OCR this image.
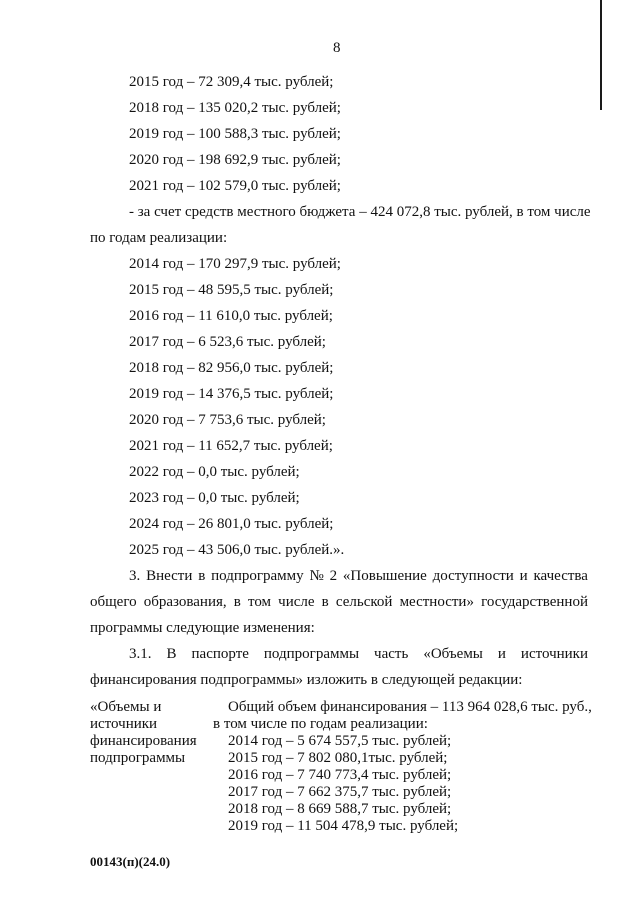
8
2015 год – 72 309,4 тыс. рублей;
2018 год – 135 020,2 тыс. рублей;
2019 год – 100 588,3 тыс. рублей;
2020 год – 198 692,9 тыс. рублей;
2021 год – 102 579,0 тыс. рублей;
- за счет средств местного бюджета – 424 072,8 тыс. рублей, в том числе
по годам реализации:
2014 год – 170 297,9 тыс. рублей;
2015 год – 48 595,5 тыс. рублей;
2016 год – 11 610,0 тыс. рублей;
2017 год – 6 523,6 тыс. рублей;
2018 год – 82 956,0 тыс. рублей;
2019 год – 14 376,5 тыс. рублей;
2020 год – 7 753,6 тыс. рублей;
2021 год – 11 652,7 тыс. рублей;
2022 год – 0,0 тыс. рублей;
2023 год – 0,0 тыс. рублей;
2024 год – 26 801,0 тыс. рублей;
2025 год – 43 506,0 тыс. рублей.».
3. Внести в подпрограмму № 2 «Повышение доступности и качества
общего образования, в том числе в сельской местности» государственной
программы следующие изменения:
3.1. В паспорте подпрограммы часть «Объемы и источники
финансирования подпрограммы» изложить в следующей редакции:
«Объемы и
источники
финансирования
подпрограммы
Общий объем финансирования – 113 964 028,6 тыс. руб.,
в том числе по годам реализации:
2014 год – 5 674 557,5 тыс. рублей;
2015 год – 7 802 080,1тыс. рублей;
2016 год – 7 740 773,4 тыс. рублей;
2017 год – 7 662 375,7 тыс. рублей;
2018 год – 8 669 588,7 тыс. рублей;
2019 год – 11 504 478,9 тыс. рублей;
00143(п)(24.0)
